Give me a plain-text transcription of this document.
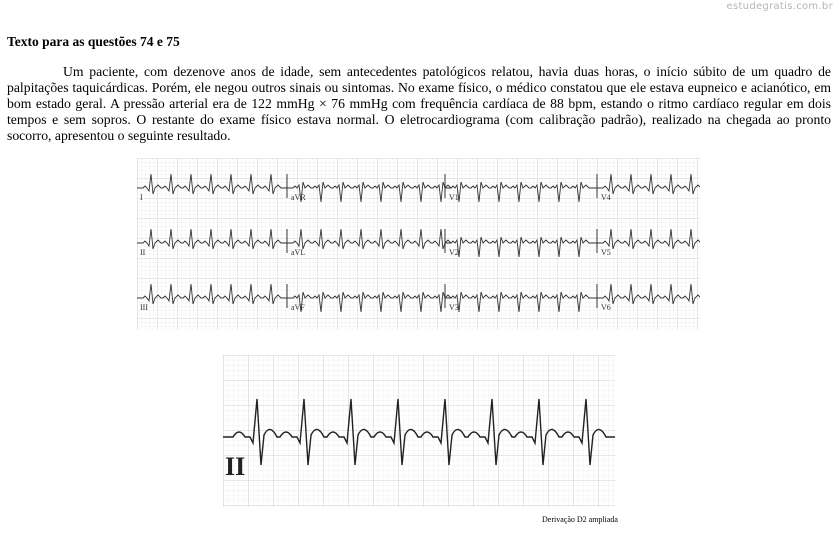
estudegratis.com.br
Texto para as questões 74 e 75

Um paciente, com dezenove anos de idade, sem antecedentes patológicos relatou, havia duas horas, o início súbito de um quadro de palpitações taquicárdicas. Porém, ele negou outros sinais ou sintomas. No exame físico, o médico constatou que ele estava eupneico e acianótico, em bom estado geral. A pressão arterial era de 122 mmHg × 76 mmHg com frequência cardíaca de 88 bpm, estando o ritmo cardíaco regular em dois tempos e sem sopros. O restante do exame físico estava normal. O eletrocardiograma (com calibração padrão), realizado na chegada ao pronto socorro, apresentou o seguinte resultado.

I	aVR	V1	V4
II	aVL	V2	V5
III	aVF	V3	V6
II

Derivação D2 ampliada
